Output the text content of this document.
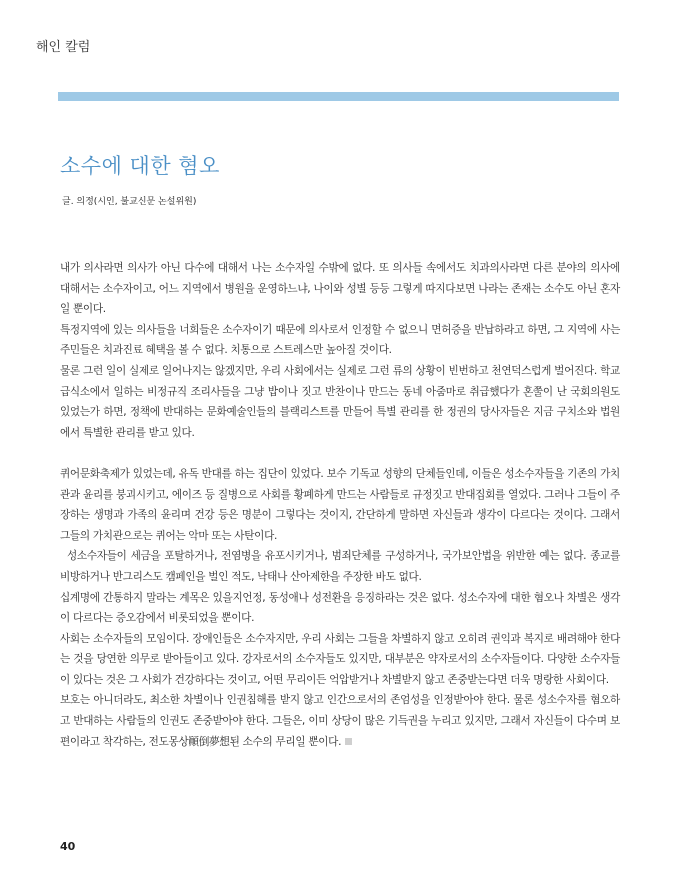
해인 칼럼
소수에 대한 혐오
글. 의정(시인, 불교신문 논설위원)

내가 의사라면 의사가 아닌 다수에 대해서 나는 소수자일 수밖에 없다. 또 의사들 속에서도 치과의사라면 다른 분야의 의사에 대해서는 소수자이고, 어느 지역에서 병원을 운영하느냐, 나이와 성별 등등 그렇게 따지다보면 나라는 존재는 소수도 아닌 혼자일 뿐이다.

특정지역에 있는 의사들을 너희들은 소수자이기 때문에 의사로서 인정할 수 없으니 면허증을 반납하라고 하면, 그 지역에 사는 주민들은 치과진료 혜택을 볼 수 없다. 치통으로 스트레스만 높아질 것이다.

물론 그런 일이 실제로 일어나지는 않겠지만, 우리 사회에서는 실제로 그런 류의 상황이 빈번하고 천연덕스럽게 벌어진다. 학교 급식소에서 일하는 비정규직 조리사들을 그냥 밥이나 짓고 반찬이나 만드는 동네 아줌마로 취급했다가 혼쭐이 난 국회의원도 있었는가 하면, 정책에 반대하는 문화예술인들의 블랙리스트를 만들어 특별 관리를 한 정권의 당사자들은 지금 구치소와 법원에서 특별한 관리를 받고 있다.

퀴어문화축제가 있었는데, 유독 반대를 하는 집단이 있었다. 보수 기독교 성향의 단체들인데, 이들은 성소수자들을 기존의 가치관과 윤리를 붕괴시키고, 에이즈 등 질병으로 사회를 황폐하게 만드는 사람들로 규정짓고 반대집회를 열었다. 그러나 그들이 주장하는 생명과 가족의 윤리며 건강 등은 명분이 그렇다는 것이지, 간단하게 말하면 자신들과 생각이 다르다는 것이다. 그래서 그들의 가치관으로는 퀴어는 악마 또는 사탄이다.

성소수자들이 세금을 포탈하거나, 전염병을 유포시키거나, 범죄단체를 구성하거나, 국가보안법을 위반한 예는 없다. 종교를 비방하거나 반그리스도 캠페인을 벌인 적도, 낙태나 산아제한을 주장한 바도 없다.

십계명에 간통하지 말라는 계목은 있을지언정, 동성애나 성전환을 응징하라는 것은 없다. 성소수자에 대한 혐오나 차별은 생각이 다르다는 증오감에서 비롯되었을 뿐이다.

사회는 소수자들의 모임이다. 장애인들은 소수자지만, 우리 사회는 그들을 차별하지 않고 오히려 권익과 복지로 배려해야 한다는 것을 당연한 의무로 받아들이고 있다. 강자로서의 소수자들도 있지만, 대부분은 약자로서의 소수자들이다. 다양한 소수자들이 있다는 것은 그 사회가 건강하다는 것이고, 어떤 무리이든 억압받거나 차별받지 않고 존중받는다면 더욱 명랑한 사회이다.

보호는 아니더라도, 최소한 차별이나 인권침해를 받지 않고 인간으로서의 존엄성을 인정받아야 한다. 물론 성소수자를 혐오하고 반대하는 사람들의 인권도 존중받아야 한다. 그들은, 이미 상당이 많은 기득권을 누리고 있지만, 그래서 자신들이 다수며 보편이라고 착각하는, 전도몽상顚倒夢想된 소수의 무리일 뿐이다.

40
